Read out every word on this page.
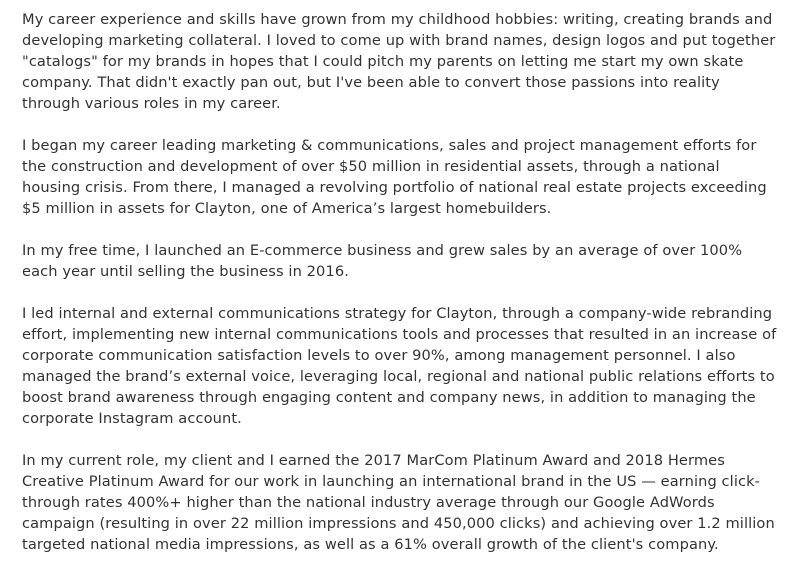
My career experience and skills have grown from my childhood hobbies: writing, creating brands and
developing marketing collateral. I loved to come up with brand names, design logos and put together
"catalogs" for my brands in hopes that I could pitch my parents on letting me start my own skate
company. That didn't exactly pan out, but I've been able to convert those passions into reality
through various roles in my career.

I began my career leading marketing & communications, sales and project management efforts for
the construction and development of over $50 million in residential assets, through a national
housing crisis. From there, I managed a revolving portfolio of national real estate projects exceeding
$5 million in assets for Clayton, one of America’s largest homebuilders.

In my free time, I launched an E-commerce business and grew sales by an average of over 100%
each year until selling the business in 2016.

I led internal and external communications strategy for Clayton, through a company-wide rebranding
effort, implementing new internal communications tools and processes that resulted in an increase of
corporate communication satisfaction levels to over 90%, among management personnel. I also
managed the brand’s external voice, leveraging local, regional and national public relations efforts to
boost brand awareness through engaging content and company news, in addition to managing the
corporate Instagram account.

In my current role, my client and I earned the 2017 MarCom Platinum Award and 2018 Hermes
Creative Platinum Award for our work in launching an international brand in the US — earning click-
through rates 400%+ higher than the national industry average through our Google AdWords
campaign (resulting in over 22 million impressions and 450,000 clicks) and achieving over 1.2 million
targeted national media impressions, as well as a 61% overall growth of the client's company.
